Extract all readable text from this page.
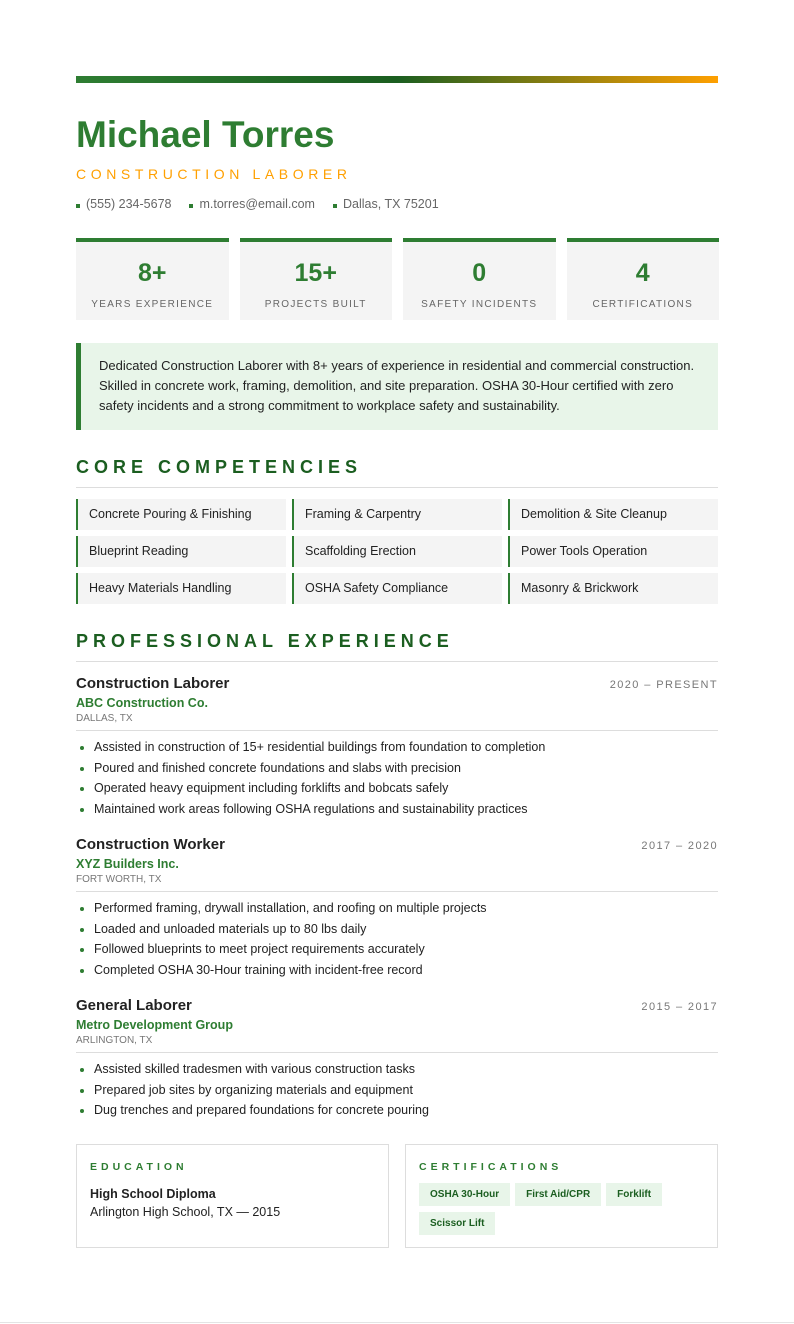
Michael Torres
CONSTRUCTION LABORER
(555) 234-5678 m.torres@email.com Dallas, TX 75201
8+
YEARS EXPERIENCE
15+
PROJECTS BUILT
0
SAFETY INCIDENTS
4
CERTIFICATIONS
Dedicated Construction Laborer with 8+ years of experience in residential and commercial construction. Skilled in concrete work, framing, demolition, and site preparation. OSHA 30-Hour certified with zero safety incidents and a strong commitment to workplace safety and sustainability.
CORE COMPETENCIES
Concrete Pouring & Finishing	Framing & Carpentry	Demolition & Site Cleanup
Blueprint Reading	Scaffolding Erection	Power Tools Operation
Heavy Materials Handling	OSHA Safety Compliance	Masonry & Brickwork
PROFESSIONAL EXPERIENCE
Construction Laborer	2020 – PRESENT
ABC Construction Co.
DALLAS, TX
Assisted in construction of 15+ residential buildings from foundation to completion
Poured and finished concrete foundations and slabs with precision
Operated heavy equipment including forklifts and bobcats safely
Maintained work areas following OSHA regulations and sustainability practices
Construction Worker	2017 – 2020
XYZ Builders Inc.
FORT WORTH, TX
Performed framing, drywall installation, and roofing on multiple projects
Loaded and unloaded materials up to 80 lbs daily
Followed blueprints to meet project requirements accurately
Completed OSHA 30-Hour training with incident-free record
General Laborer	2015 – 2017
Metro Development Group
ARLINGTON, TX
Assisted skilled tradesmen with various construction tasks
Prepared job sites by organizing materials and equipment
Dug trenches and prepared foundations for concrete pouring
EDUCATION
High School Diploma
Arlington High School, TX — 2015
CERTIFICATIONS
OSHA 30-Hour	First Aid/CPR	Forklift
Scissor Lift
